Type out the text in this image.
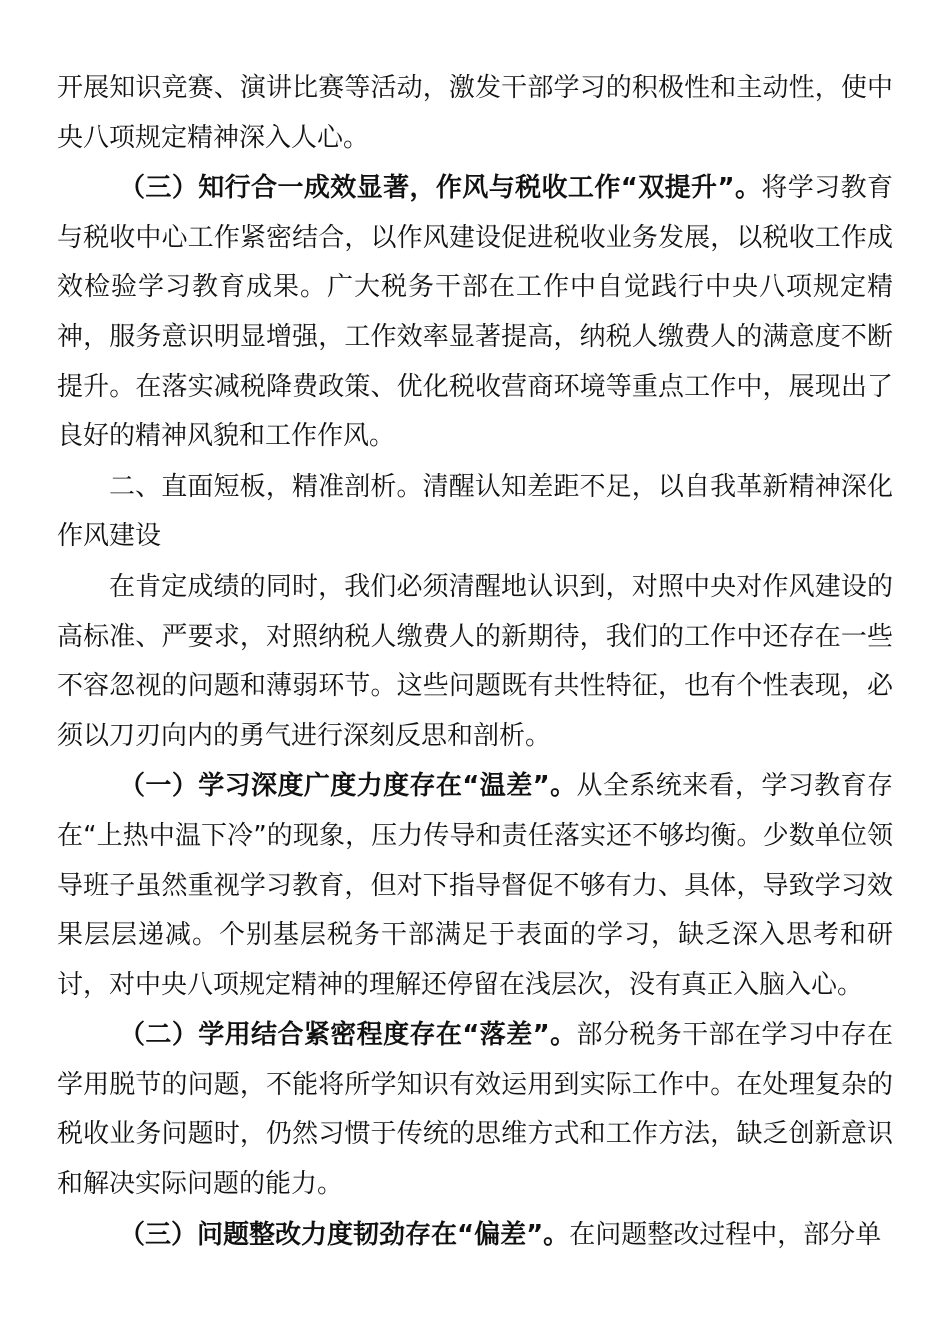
开展知识竞赛、演讲比赛等活动，激发干部学习的积极性和主动性，使中央八项规定精神深入人心。

（三）知行合一成效显著，作风与税收工作“双提升”。将学习教育与税收中心工作紧密结合，以作风建设促进税收业务发展，以税收工作成效检验学习教育成果。广大税务干部在工作中自觉践行中央八项规定精神，服务意识明显增强，工作效率显著提高，纳税人缴费人的满意度不断提升。在落实减税降费政策、优化税收营商环境等重点工作中，展现出了良好的精神风貌和工作作风。

二、直面短板，精准剖析。清醒认知差距不足，以自我革新精神深化作风建设

在肯定成绩的同时，我们必须清醒地认识到，对照中央对作风建设的高标准、严要求，对照纳税人缴费人的新期待，我们的工作中还存在一些不容忽视的问题和薄弱环节。这些问题既有共性特征，也有个性表现，必须以刀刃向内的勇气进行深刻反思和剖析。

（一）学习深度广度力度存在“温差”。从全系统来看，学习教育存在“上热中温下冷”的现象，压力传导和责任落实还不够均衡。少数单位领导班子虽然重视学习教育，但对下指导督促不够有力、具体，导致学习效果层层递减。个别基层税务干部满足于表面的学习，缺乏深入思考和研讨，对中央八项规定精神的理解还停留在浅层次，没有真正入脑入心。

（二）学用结合紧密程度存在“落差”。部分税务干部在学习中存在学用脱节的问题，不能将所学知识有效运用到实际工作中。在处理复杂的税收业务问题时，仍然习惯于传统的思维方式和工作方法，缺乏创新意识和解决实际问题的能力。

（三）问题整改力度韧劲存在“偏差”。在问题整改过程中，部分单
